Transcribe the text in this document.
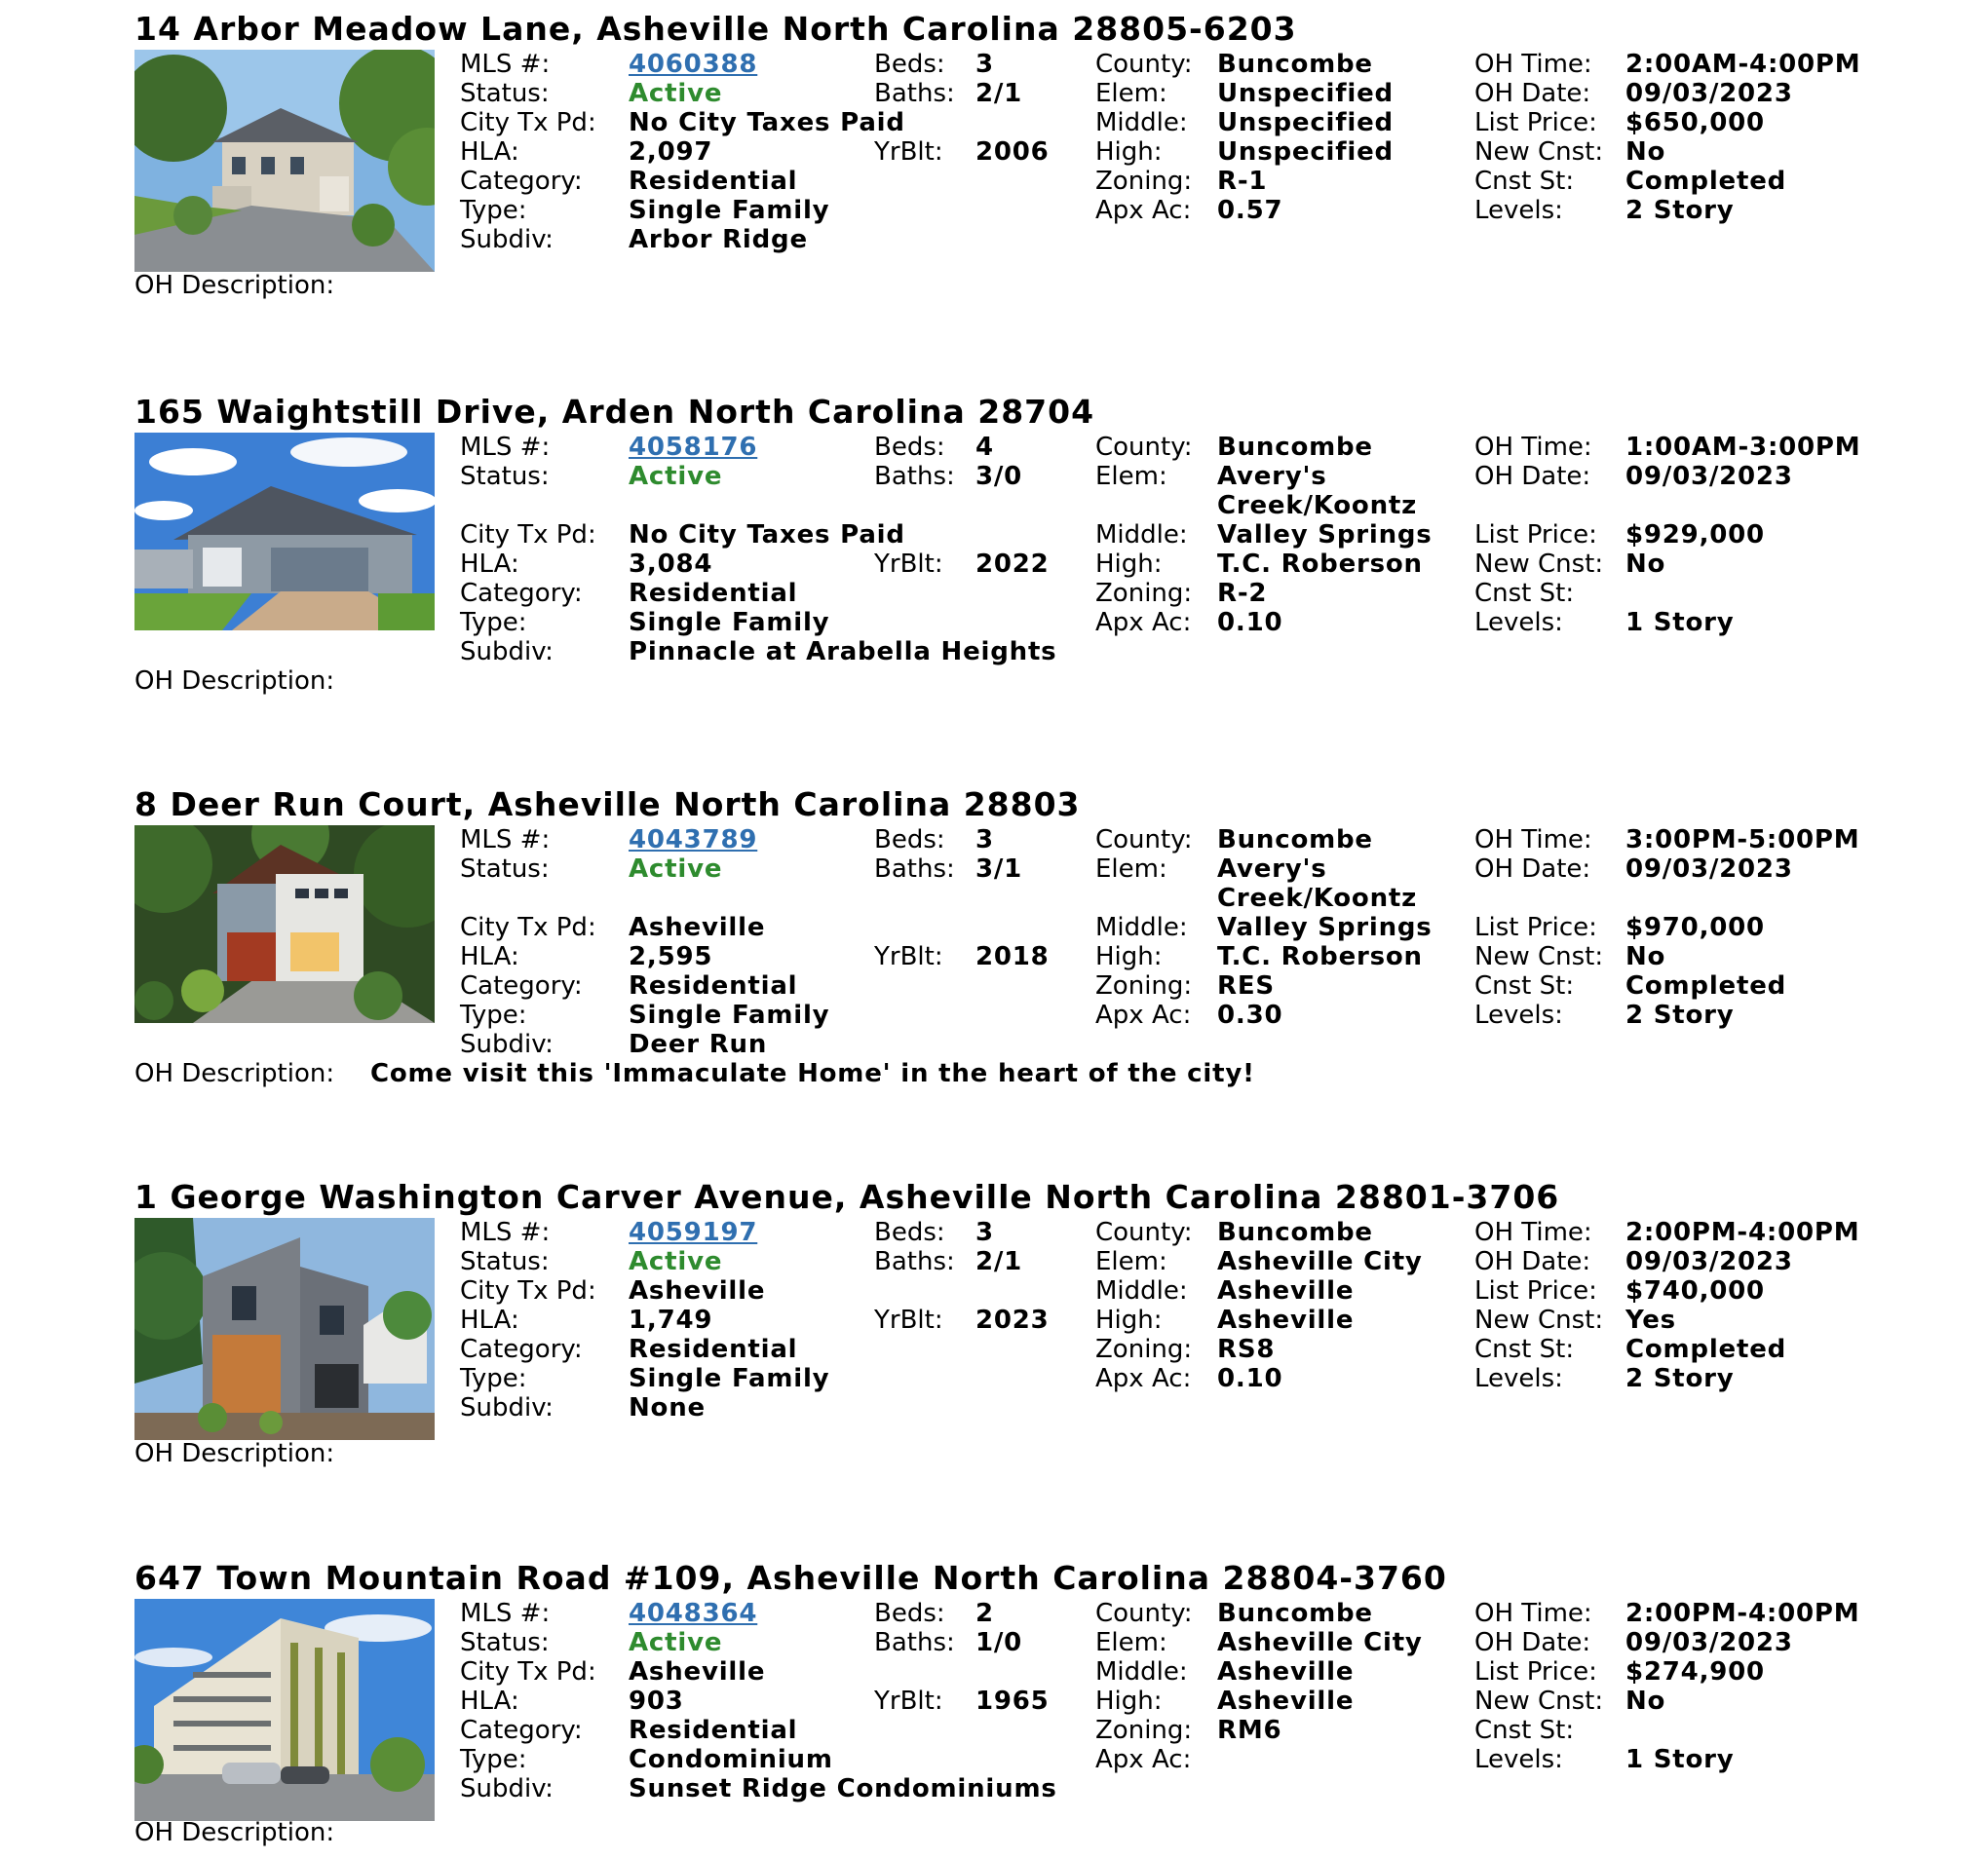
14 Arbor Meadow Lane, Asheville North Carolina 28805-6203
MLS #:
Status:
City Tx Pd:
HLA:
Category:
Type:
Subdiv:
4060388
Active
No City Taxes Paid
2,097
Residential
Single Family
Arbor Ridge
Beds:
Baths:
YrBlt:
3
2/1
2006
County:
Elem:
Middle:
High:
Zoning:
Apx Ac:
Buncombe
Unspecified
Unspecified
Unspecified
R-1
0.57
OH Time:
OH Date:
List Price:
New Cnst:
Cnst St:
Levels:
2:00AM-4:00PM
09/03/2023
$650,000
No
Completed
2 Story
OH Description:
165 Waightstill Drive, Arden North Carolina 28704
MLS #:
Status:
City Tx Pd:
HLA:
Category:
Type:
Subdiv:
4058176
Active
No City Taxes Paid
3,084
Residential
Single Family
Pinnacle at Arabella Heights
Beds:
Baths:
YrBlt:
4
3/0
2022
County:
Elem:
Middle:
High:
Zoning:
Apx Ac:
Buncombe
Avery's
Creek/Koontz
Valley Springs
T.C. Roberson
R-2
0.10
OH Time:
OH Date:
List Price:
New Cnst:
Cnst St:
Levels:
1:00AM-3:00PM
09/03/2023
$929,000
No
1 Story
OH Description:
8 Deer Run Court, Asheville North Carolina 28803
MLS #:
Status:
City Tx Pd:
HLA:
Category:
Type:
Subdiv:
4043789
Active
Asheville
2,595
Residential
Single Family
Deer Run
Beds:
Baths:
YrBlt:
3
3/1
2018
County:
Elem:
Middle:
High:
Zoning:
Apx Ac:
Buncombe
Avery's
Creek/Koontz
Valley Springs
T.C. Roberson
RES
0.30
OH Time:
OH Date:
List Price:
New Cnst:
Cnst St:
Levels:
3:00PM-5:00PM
09/03/2023
$970,000
No
Completed
2 Story
OH Description: Come visit this 'Immaculate Home' in the heart of the city!
1 George Washington Carver Avenue, Asheville North Carolina 28801-3706
MLS #:
Status:
City Tx Pd:
HLA:
Category:
Type:
Subdiv:
4059197
Active
Asheville
1,749
Residential
Single Family
None
Beds:
Baths:
YrBlt:
3
2/1
2023
County:
Elem:
Middle:
High:
Zoning:
Apx Ac:
Buncombe
Asheville City
Asheville
Asheville
RS8
0.10
OH Time:
OH Date:
List Price:
New Cnst:
Cnst St:
Levels:
2:00PM-4:00PM
09/03/2023
$740,000
Yes
Completed
2 Story
OH Description:
647 Town Mountain Road #109, Asheville North Carolina 28804-3760
MLS #:
Status:
City Tx Pd:
HLA:
Category:
Type:
Subdiv:
4048364
Active
Asheville
903
Residential
Condominium
Sunset Ridge Condominiums
Beds:
Baths:
YrBlt:
2
1/0
1965
County:
Elem:
Middle:
High:
Zoning:
Apx Ac:
Buncombe
Asheville City
Asheville
Asheville
RM6
OH Time:
OH Date:
List Price:
New Cnst:
Cnst St:
Levels:
2:00PM-4:00PM
09/03/2023
$274,900
No
1 Story
OH Description:
